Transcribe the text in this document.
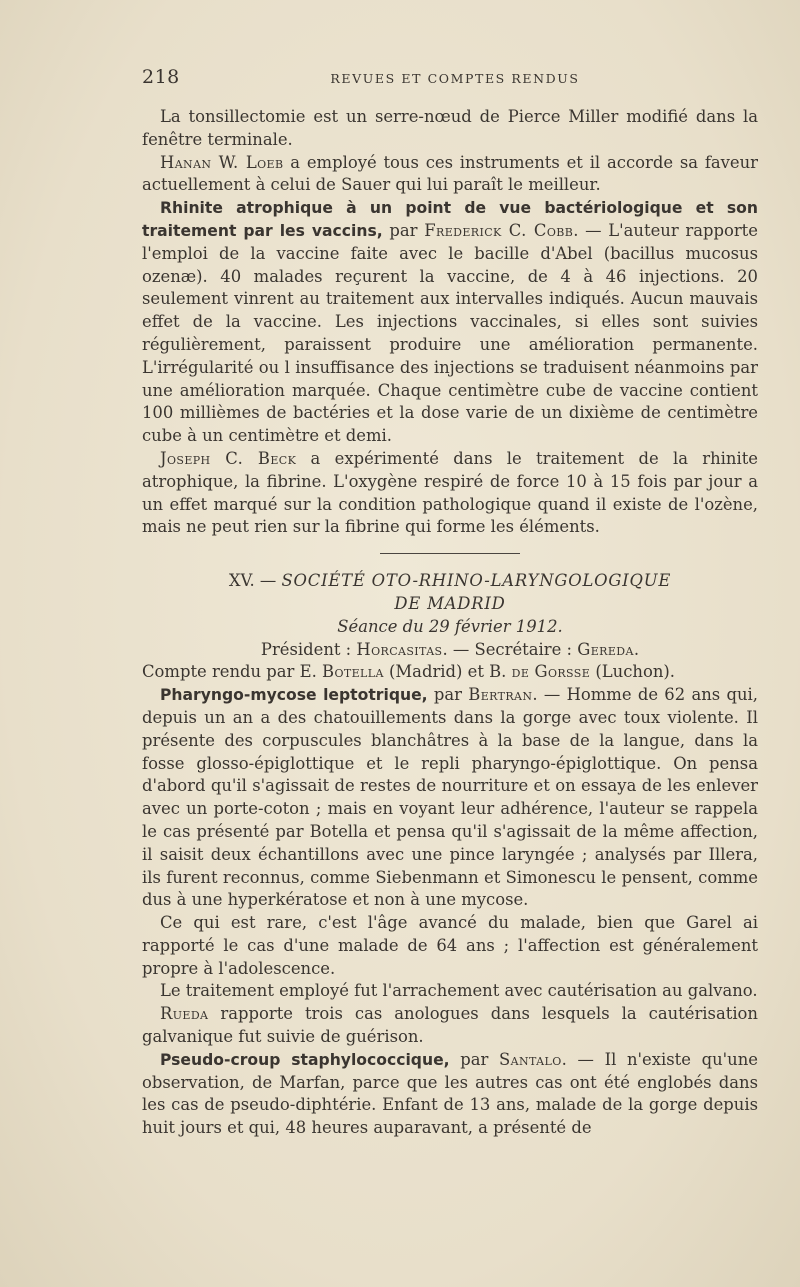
218	REVUES ET COMPTES RENDUS

La tonsillectomie est un serre-nœud de Pierce Miller modifié dans la fenêtre terminale.

Hanan W. Loeb a employé tous ces instruments et il accorde sa faveur actuellement à celui de Sauer qui lui paraît le meilleur.

Rhinite atrophique à un point de vue bactériologique et son traitement par les vaccins, par Frederick C. Cobb. — L'auteur rapporte l'emploi de la vaccine faite avec le bacille d'Abel (bacillus mucosus ozenæ). 40 malades reçurent la vaccine, de 4 à 46 injections. 20 seulement vinrent au traitement aux intervalles indiqués. Aucun mauvais effet de la vaccine. Les injections vaccinales, si elles sont suivies régulièrement, paraissent produire une amélioration permanente. L'irrégularité ou l insuffisance des injections se traduisent néanmoins par une amélioration marquée. Chaque centimètre cube de vaccine contient 100 millièmes de bactéries et la dose varie de un dixième de centimètre cube à un centimètre et demi.

Joseph C. Beck a expérimenté dans le traitement de la rhinite atrophique, la fibrine. L'oxygène respiré de force 10 à 15 fois par jour a un effet marqué sur la condition pathologique quand il existe de l'ozène, mais ne peut rien sur la fibrine qui forme les éléments.

XV. — SOCIÉTÉ OTO-RHINO-LARYNGOLOGIQUE

DE MADRID

Séance du 29 février 1912.

Président : Horcasitas. — Secrétaire : Gereda.

Compte rendu par E. Botella (Madrid) et B. de Gorsse (Luchon).

Pharyngo-mycose leptotrique, par Bertran. — Homme de 62 ans qui, depuis un an a des chatouillements dans la gorge avec toux violente. Il présente des corpuscules blanchâtres à la base de la langue, dans la fosse glosso-épiglottique et le repli pharyngo-épiglottique. On pensa d'abord qu'il s'agissait de restes de nourriture et on essaya de les enlever avec un porte-coton ; mais en voyant leur adhérence, l'auteur se rappela le cas présenté par Botella et pensa qu'il s'agissait de la même affection, il saisit deux échantillons avec une pince laryngée ; analysés par Illera, ils furent reconnus, comme Siebenmann et Simonescu le pensent, comme dus à une hyperkératose et non à une mycose.

Ce qui est rare, c'est l'âge avancé du malade, bien que Garel ai rapporté le cas d'une malade de 64 ans ; l'affection est généralement propre à l'adolescence.

Le traitement employé fut l'arrachement avec cautérisation au galvano.

Rueda rapporte trois cas anologues dans lesquels la cautérisation galvanique fut suivie de guérison.

Pseudo-croup staphylococcique, par Santalo. — Il n'existe qu'une observation, de Marfan, parce que les autres cas ont été englobés dans les cas de pseudo-diphtérie. Enfant de 13 ans, malade de la gorge depuis huit jours et qui, 48 heures auparavant, a présenté de
